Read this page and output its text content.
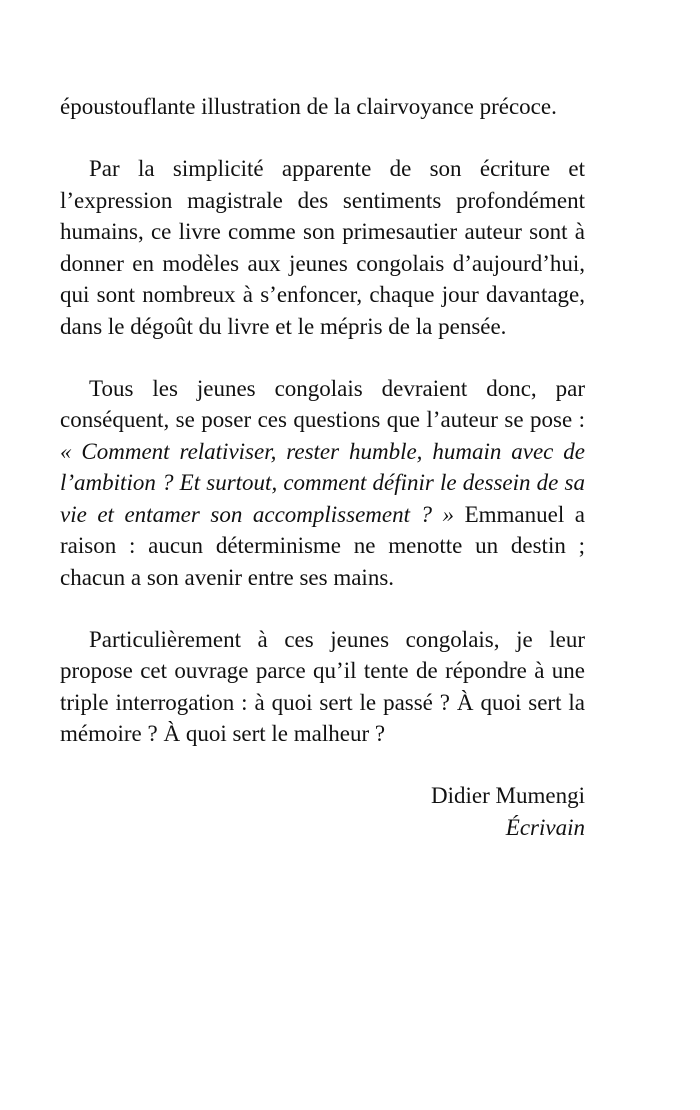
époustouflante illustration de la clairvoyance précoce.

Par la simplicité apparente de son écriture et l’expression magistrale des sentiments profondément humains, ce livre comme son primesautier auteur sont à donner en modèles aux jeunes congolais d’aujourd’hui, qui sont nombreux à s’enfoncer, chaque jour davantage, dans le dégoût du livre et le mépris de la pensée.

Tous les jeunes congolais devraient donc, par conséquent, se poser ces questions que l’auteur se pose : « Comment relativiser, rester humble, humain avec de l’ambition ? Et surtout, comment définir le dessein de sa vie et entamer son accomplissement ? » Emmanuel a raison : aucun déterminisme ne menotte un destin ; chacun a son avenir entre ses mains.

Particulièrement à ces jeunes congolais, je leur propose cet ouvrage parce qu’il tente de répondre à une triple interrogation : à quoi sert le passé ? À quoi sert la mémoire ? À quoi sert le malheur ?

Didier Mumengi
Écrivain
